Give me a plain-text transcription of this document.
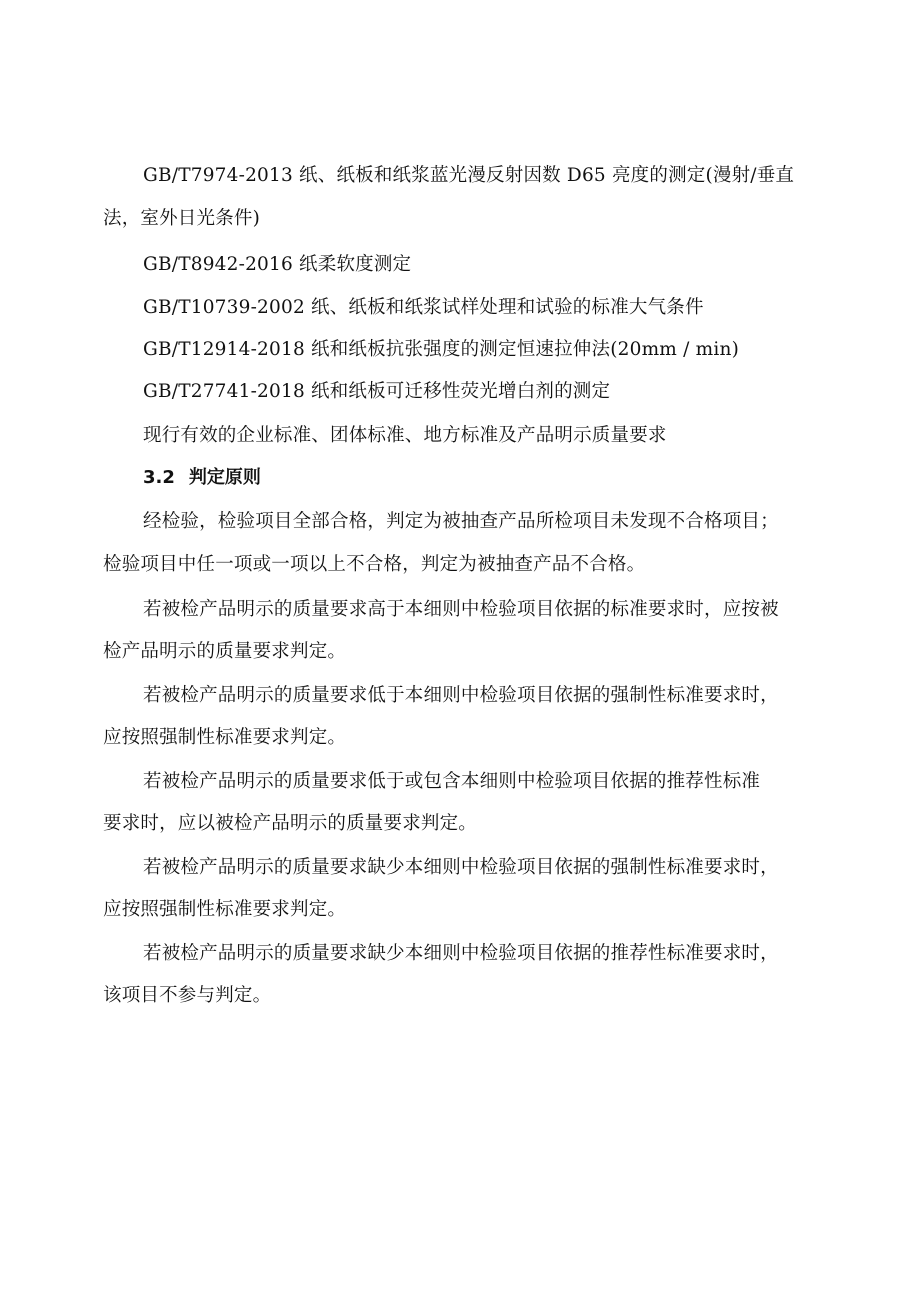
GB/T7974-2013 纸、纸板和纸浆蓝光漫反射因数 D65 亮度的测定(漫射/垂直
法，室外日光条件)
GB/T8942-2016 纸柔软度测定
GB/T10739-2002 纸、纸板和纸浆试样处理和试验的标准大气条件
GB/T12914-2018 纸和纸板抗张强度的测定恒速拉伸法(20mm / min)
GB/T27741-2018 纸和纸板可迁移性荧光增白剂的测定
现行有效的企业标准、团体标准、地方标准及产品明示质量要求
3.2 判定原则
经检验，检验项目全部合格，判定为被抽查产品所检项目未发现不合格项目；
检验项目中任一项或一项以上不合格，判定为被抽查产品不合格。
若被检产品明示的质量要求高于本细则中检验项目依据的标准要求时，应按被
检产品明示的质量要求判定。
若被检产品明示的质量要求低于本细则中检验项目依据的强制性标准要求时，
应按照强制性标准要求判定。
若被检产品明示的质量要求低于或包含本细则中检验项目依据的推荐性标准
要求时，应以被检产品明示的质量要求判定。
若被检产品明示的质量要求缺少本细则中检验项目依据的强制性标准要求时，
应按照强制性标准要求判定。
若被检产品明示的质量要求缺少本细则中检验项目依据的推荐性标准要求时，
该项目不参与判定。
